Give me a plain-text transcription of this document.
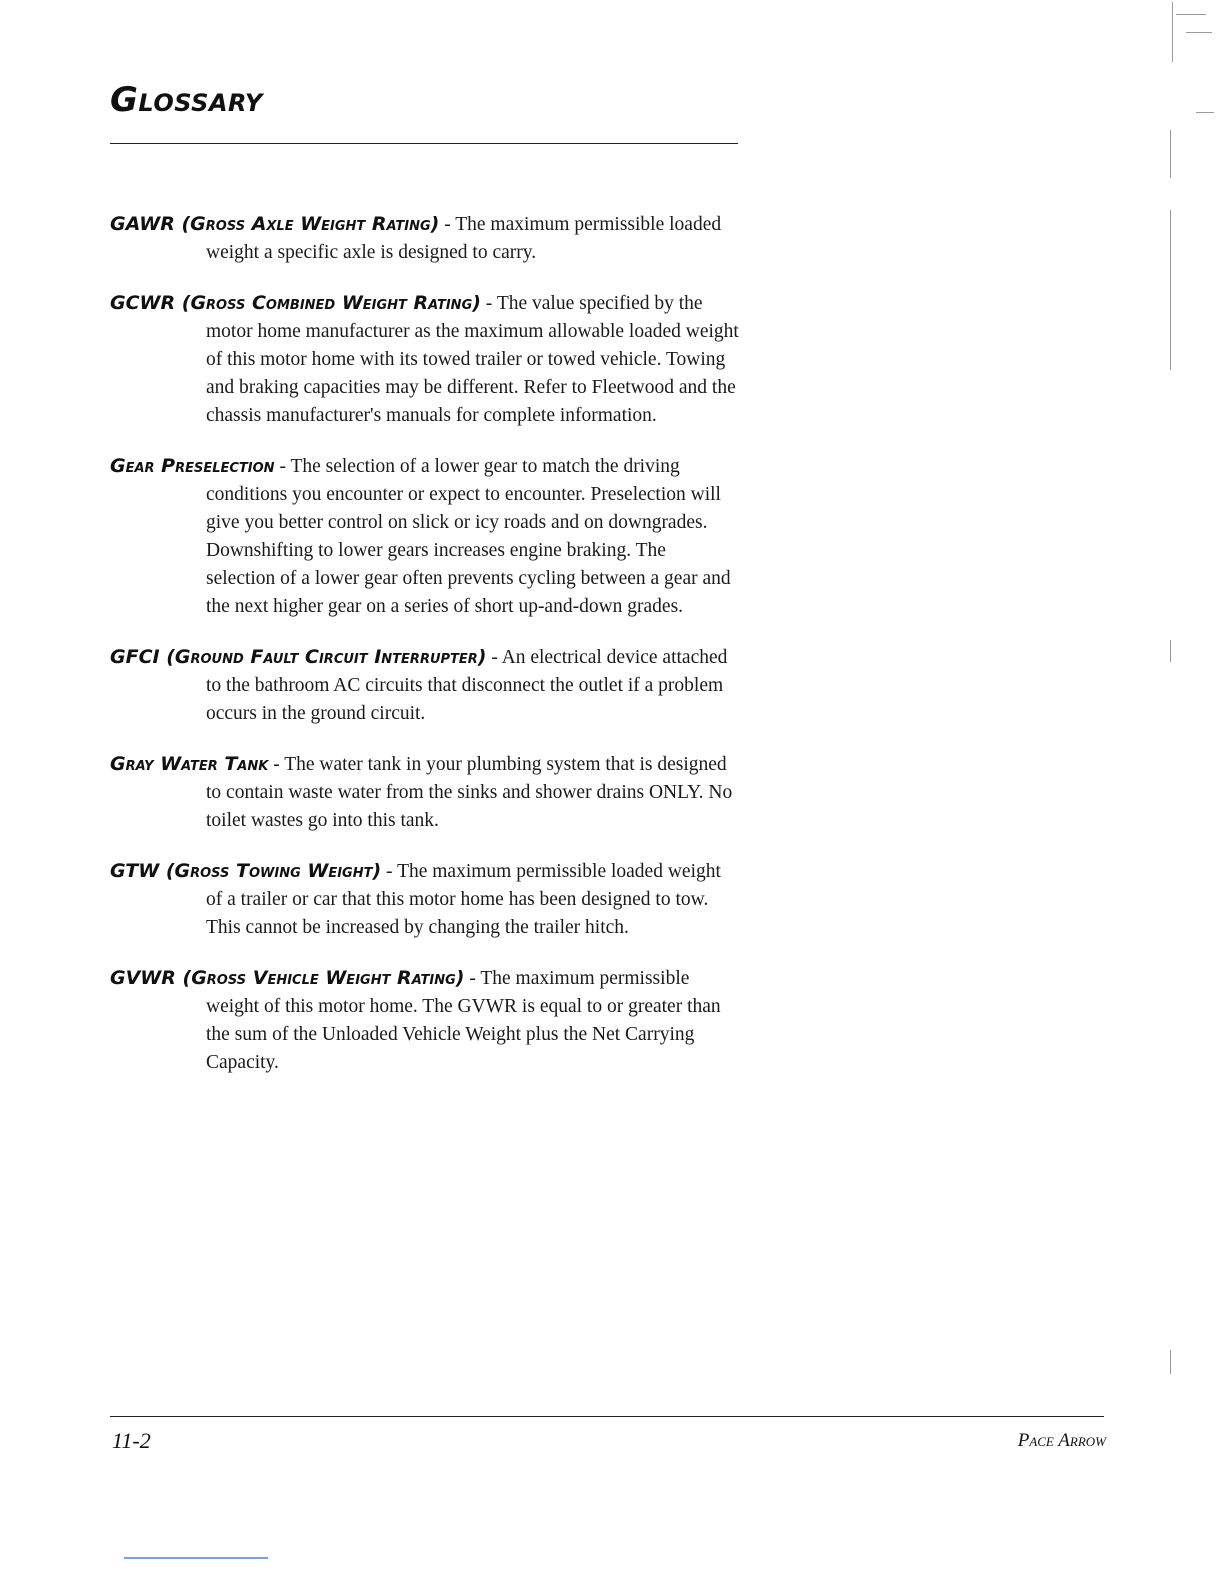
Glossary
GAWR (Gross Axle Weight Rating) - The maximum permissible loaded weight a specific axle is designed to carry.
GCWR (Gross Combined Weight Rating) - The value specified by the motor home manufacturer as the maximum allowable loaded weight of this motor home with its towed trailer or towed vehicle. Towing and braking capacities may be different. Refer to Fleetwood and the chassis manufacturer's manuals for complete information.
Gear Preselection - The selection of a lower gear to match the driving conditions you encounter or expect to encounter. Preselection will give you better control on slick or icy roads and on downgrades. Downshifting to lower gears increases engine braking. The selection of a lower gear often prevents cycling between a gear and the next higher gear on a series of short up-and-down grades.
GFCI (Ground Fault Circuit Interrupter) - An electrical device attached to the bathroom AC circuits that disconnect the outlet if a problem occurs in the ground circuit.
Gray Water Tank - The water tank in your plumbing system that is designed to contain waste water from the sinks and shower drains ONLY. No toilet wastes go into this tank.
GTW (Gross Towing Weight) - The maximum permissible loaded weight of a trailer or car that this motor home has been designed to tow. This cannot be increased by changing the trailer hitch.
GVWR (Gross Vehicle Weight Rating) - The maximum permissible weight of this motor home. The GVWR is equal to or greater than the sum of the Unloaded Vehicle Weight plus the Net Carrying Capacity.
11-2	Pace Arrow
